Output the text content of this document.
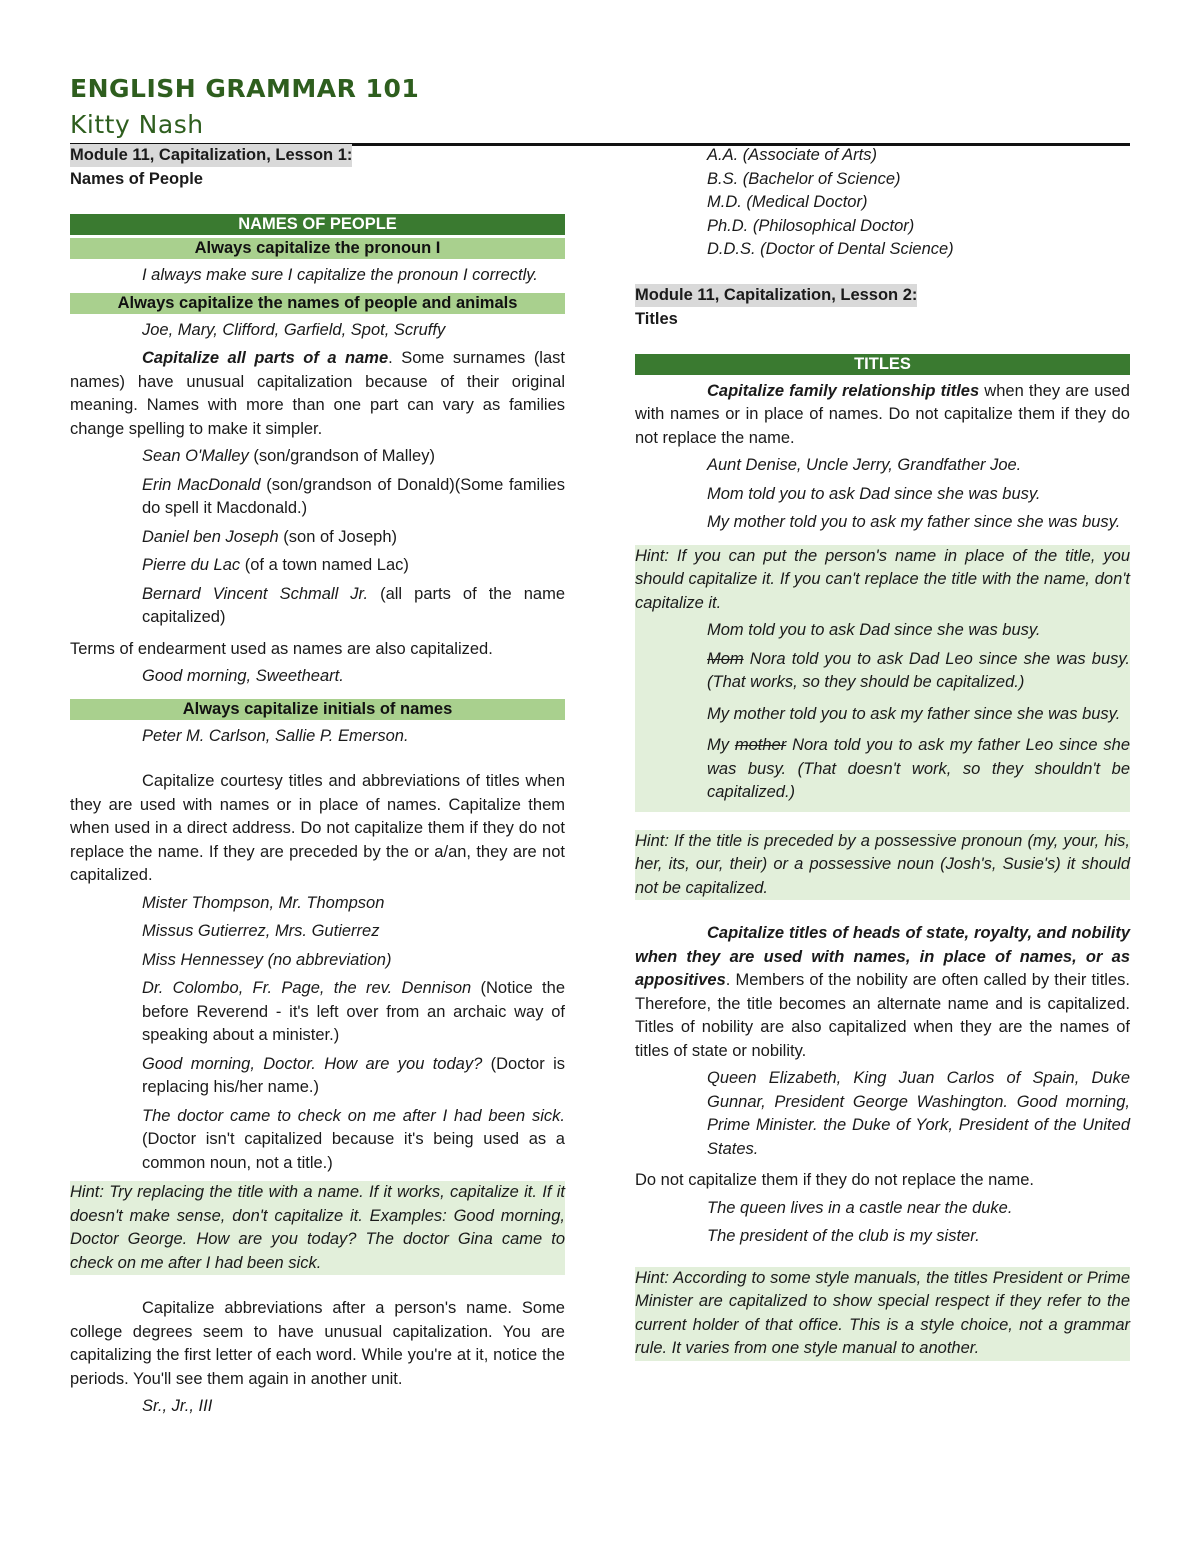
ENGLISH GRAMMAR 101
Kitty Nash
Module 11, Capitalization, Lesson 1:

Names of People

NAMES OF PEOPLE
Always capitalize the pronoun I

I always make sure I capitalize the pronoun I correctly.

Always capitalize the names of people and animals

Joe, Mary, Clifford, Garfield, Spot, Scruffy

Capitalize all parts of a name. Some surnames (last names) have unusual capitalization because of their original meaning. Names with more than one part can vary as families change spelling to make it simpler.

Sean O'Malley (son/grandson of Malley)

Erin MacDonald (son/grandson of Donald)(Some families do spell it Macdonald.)

Daniel ben Joseph (son of Joseph)

Pierre du Lac (of a town named Lac)

Bernard Vincent Schmall Jr. (all parts of the name capitalized)

Terms of endearment used as names are also capitalized.

Good morning, Sweetheart.

Always capitalize initials of names

Peter M. Carlson, Sallie P. Emerson.

Capitalize courtesy titles and abbreviations of titles when they are used with names or in place of names. Capitalize them when used in a direct address. Do not capitalize them if they do not replace the name. If they are preceded by the or a/an, they are not capitalized.

Mister Thompson, Mr. Thompson

Missus Gutierrez, Mrs. Gutierrez

Miss Hennessey (no abbreviation)

Dr. Colombo, Fr. Page, the rev. Dennison (Notice the before Reverend - it's left over from an archaic way of speaking about a minister.)

Good morning, Doctor. How are you today? (Doctor is replacing his/her name.)

The doctor came to check on me after I had been sick. (Doctor isn't capitalized because it's being used as a common noun, not a title.)

Hint: Try replacing the title with a name. If it works, capitalize it. If it doesn't make sense, don't capitalize it. Examples: Good morning, Doctor George. How are you today? The doctor Gina came to check on me after I had been sick.

Capitalize abbreviations after a person's name. Some college degrees seem to have unusual capitalization. You are capitalizing the first letter of each word. While you're at it, notice the periods. You'll see them again in another unit.

Sr., Jr., III

A.A. (Associate of Arts)

B.S. (Bachelor of Science)

M.D. (Medical Doctor)

Ph.D. (Philosophical Doctor)

D.D.S. (Doctor of Dental Science)

Module 11, Capitalization, Lesson 2:

Titles

TITLES

Capitalize family relationship titles when they are used with names or in place of names. Do not capitalize them if they do not replace the name.

Aunt Denise, Uncle Jerry, Grandfather Joe.

Mom told you to ask Dad since she was busy.

My mother told you to ask my father since she was busy.

Hint: If you can put the person's name in place of the title, you should capitalize it. If you can't replace the title with the name, don't capitalize it.

Mom told you to ask Dad since she was busy.

Mom Nora told you to ask Dad Leo since she was busy. (That works, so they should be capitalized.)

My mother told you to ask my father since she was busy.

My mother Nora told you to ask my father Leo since she was busy. (That doesn't work, so they shouldn't be capitalized.)

Hint: If the title is preceded by a possessive pronoun (my, your, his, her, its, our, their) or a possessive noun (Josh's, Susie's) it should not be capitalized.

Capitalize titles of heads of state, royalty, and nobility when they are used with names, in place of names, or as appositives. Members of the nobility are often called by their titles. Therefore, the title becomes an alternate name and is capitalized. Titles of nobility are also capitalized when they are the names of titles of state or nobility.

Queen Elizabeth, King Juan Carlos of Spain, Duke Gunnar, President George Washington. Good morning, Prime Minister. the Duke of York, President of the United States.

Do not capitalize them if they do not replace the name.

The queen lives in a castle near the duke.

The president of the club is my sister.

Hint: According to some style manuals, the titles President or Prime Minister are capitalized to show special respect if they refer to the current holder of that office. This is a style choice, not a grammar rule. It varies from one style manual to another.
